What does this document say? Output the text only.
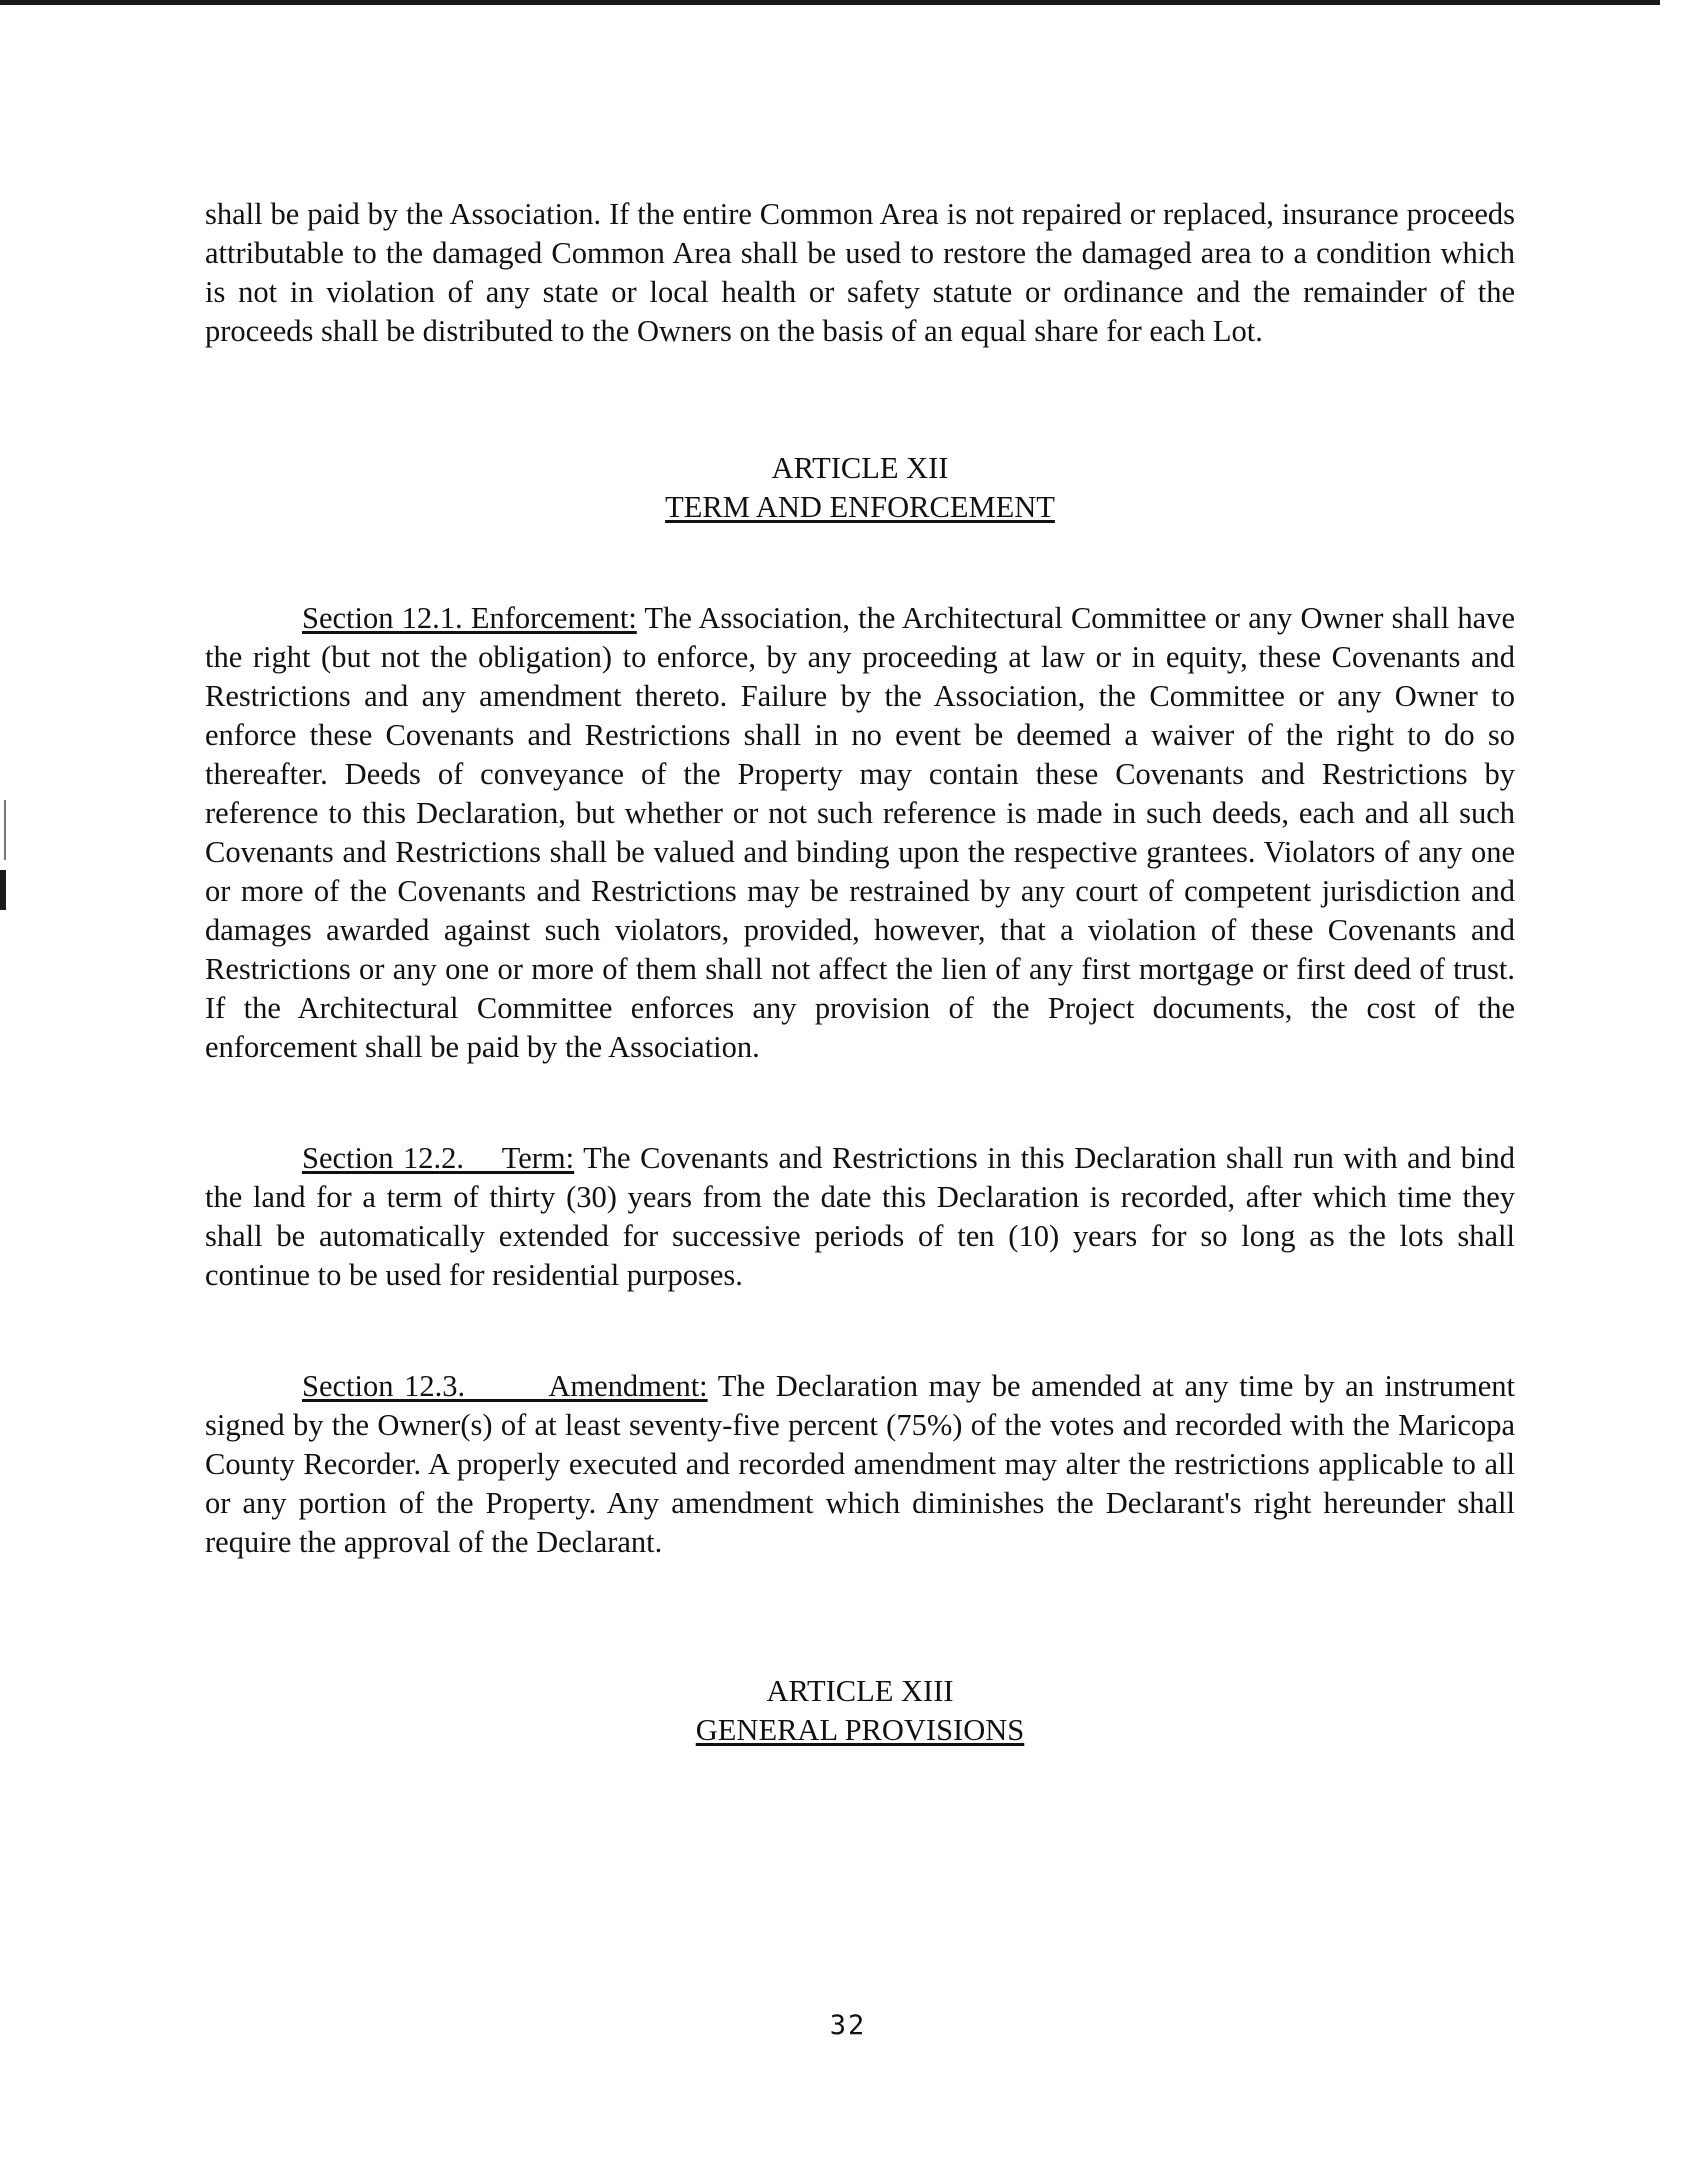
shall be paid by the Association. If the entire Common Area is not repaired or replaced, insurance proceeds attributable to the damaged Common Area shall be used to restore the damaged area to a condition which is not in violation of any state or local health or safety statute or ordinance and the remainder of the proceeds shall be distributed to the Owners on the basis of an equal share for each Lot.

ARTICLE XII
TERM AND ENFORCEMENT

Section 12.1. Enforcement: The Association, the Architectural Committee or any Owner shall have the right (but not the obligation) to enforce, by any proceeding at law or in equity, these Covenants and Restrictions and any amendment thereto. Failure by the Association, the Committee or any Owner to enforce these Covenants and Restrictions shall in no event be deemed a waiver of the right to do so thereafter. Deeds of conveyance of the Property may contain these Covenants and Restrictions by reference to this Declaration, but whether or not such reference is made in such deeds, each and all such Covenants and Restrictions shall be valued and binding upon the respective grantees. Violators of any one or more of the Covenants and Restrictions may be restrained by any court of competent jurisdiction and damages awarded against such violators, provided, however, that a violation of these Covenants and Restrictions or any one or more of them shall not affect the lien of any first mortgage or first deed of trust. If the Architectural Committee enforces any provision of the Project documents, the cost of the enforcement shall be paid by the Association.

Section 12.2.    Term: The Covenants and Restrictions in this Declaration shall run with and bind the land for a term of thirty (30) years from the date this Declaration is recorded, after which time they shall be automatically extended for successive periods of ten (10) years for so long as the lots shall continue to be used for residential purposes.

Section 12.3.        Amendment: The Declaration may be amended at any time by an instrument signed by the Owner(s) of at least seventy-five percent (75%) of the votes and recorded with the Maricopa County Recorder. A properly executed and recorded amendment may alter the restrictions applicable to all or any portion of the Property. Any amendment which diminishes the Declarant's right hereunder shall require the approval of the Declarant.

ARTICLE XIII
GENERAL PROVISIONS
32
